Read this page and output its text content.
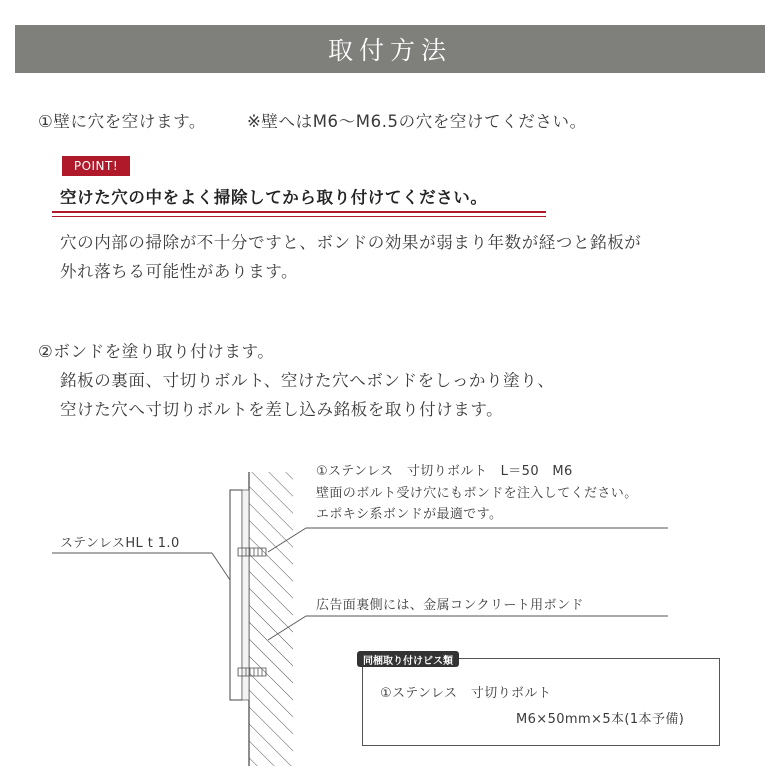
取付方法
①壁に穴を空けます。 ※壁へはM6〜M6.5の穴を空けてください。
POINT!
空けた穴の中をよく掃除してから取り付けてください。
穴の内部の掃除が不十分ですと、ボンドの効果が弱まり年数が経つと銘板が
外れ落ちる可能性があります。
②ボンドを塗り取り付けます。
銘板の裏面、寸切りボルト、空けた穴へボンドをしっかり塗り、
空けた穴へ寸切りボルトを差し込み銘板を取り付けます。
①ステンレス　寸切りボルト　L＝50　M6
壁面のボルト受け穴にもボンドを注入してください。
エポキシ系ボンドが最適です。
ステンレスHL t 1.0
広告面裏側には、金属コンクリート用ボンド
同梱取り付けビス類
①ステンレス　寸切りボルト
M6×50mm×5本(1本予備)
